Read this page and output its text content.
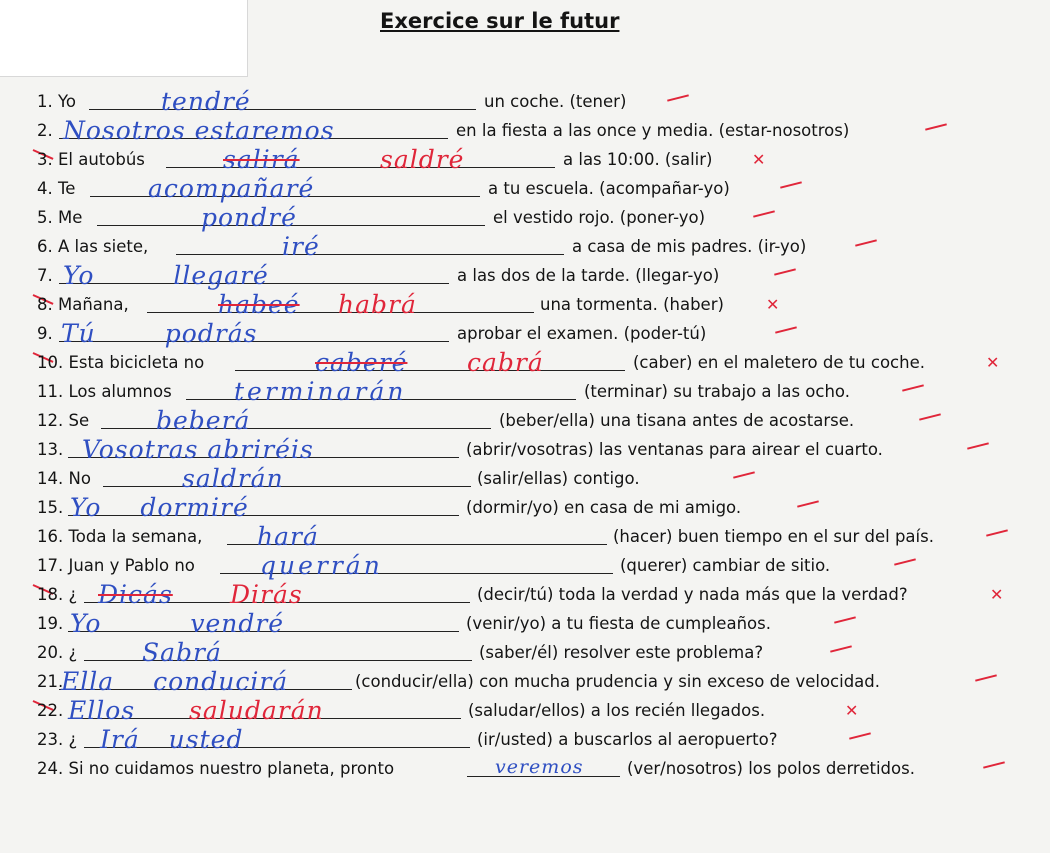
Exercice sur le futur
1. Yo	tendré	un coche. (tener)
2. Nosotros estaremos	en la fiesta a las once y media. (estar-nosotros)
3. El autobús	salirá	saldré	a las 10:00. (salir) ✕
4. Te	acompañaré	a tu escuela. (acompañar-yo)
5. Me	pondré	el vestido rojo. (poner-yo)
6. A las siete,	iré	a casa de mis padres. (ir-yo)
7. Yo llegaré	a las dos de la tarde. (llegar-yo)
8. Mañana,	habeé habrá	una tormenta. (haber)	✕
9. Tú podrás	aprobar el examen. (poder-tú)
10. Esta bicicleta no	caberé cabrá	(caber) en el maletero de tu coche.	✕
11. Los alumnos terminarán	(terminar) su trabajo a las ocho.
12. Se	beberá	(beber/ella) una tisana antes de acostarse.
13. Vosotras abriréis	(abrir/vosotras) las ventanas para airear el cuarto.
14. No	saldrán	(salir/ellas) contigo.
15. Yo dormiré	(dormir/yo) en casa de mi amigo.
16. Toda la semana, hará	(hacer) buen tiempo en el sur del país.
17. Juan y Pablo no	querrán	(querer) cambiar de sitio.
18. ¿ Dicás Dirás	(decir/tú) toda la verdad y nada más que la verdad?	✕
19. Yo vendré	(venir/yo) a tu fiesta de cumpleaños.
20. ¿	Sabrá	(saber/él) resolver este problema?
21.
Ella conducirá	(conducir/ella) con mucha prudencia y sin exceso de velocidad.
22. Ellos saludarán	(saludar/ellos) a los recién llegados.	✕
23. ¿ Irá usted	(ir/usted) a buscarlos al aeropuerto?
24. Si no cuidamos nuestro planeta, pronto	veremos	(ver/nosotros) los polos derretidos.
